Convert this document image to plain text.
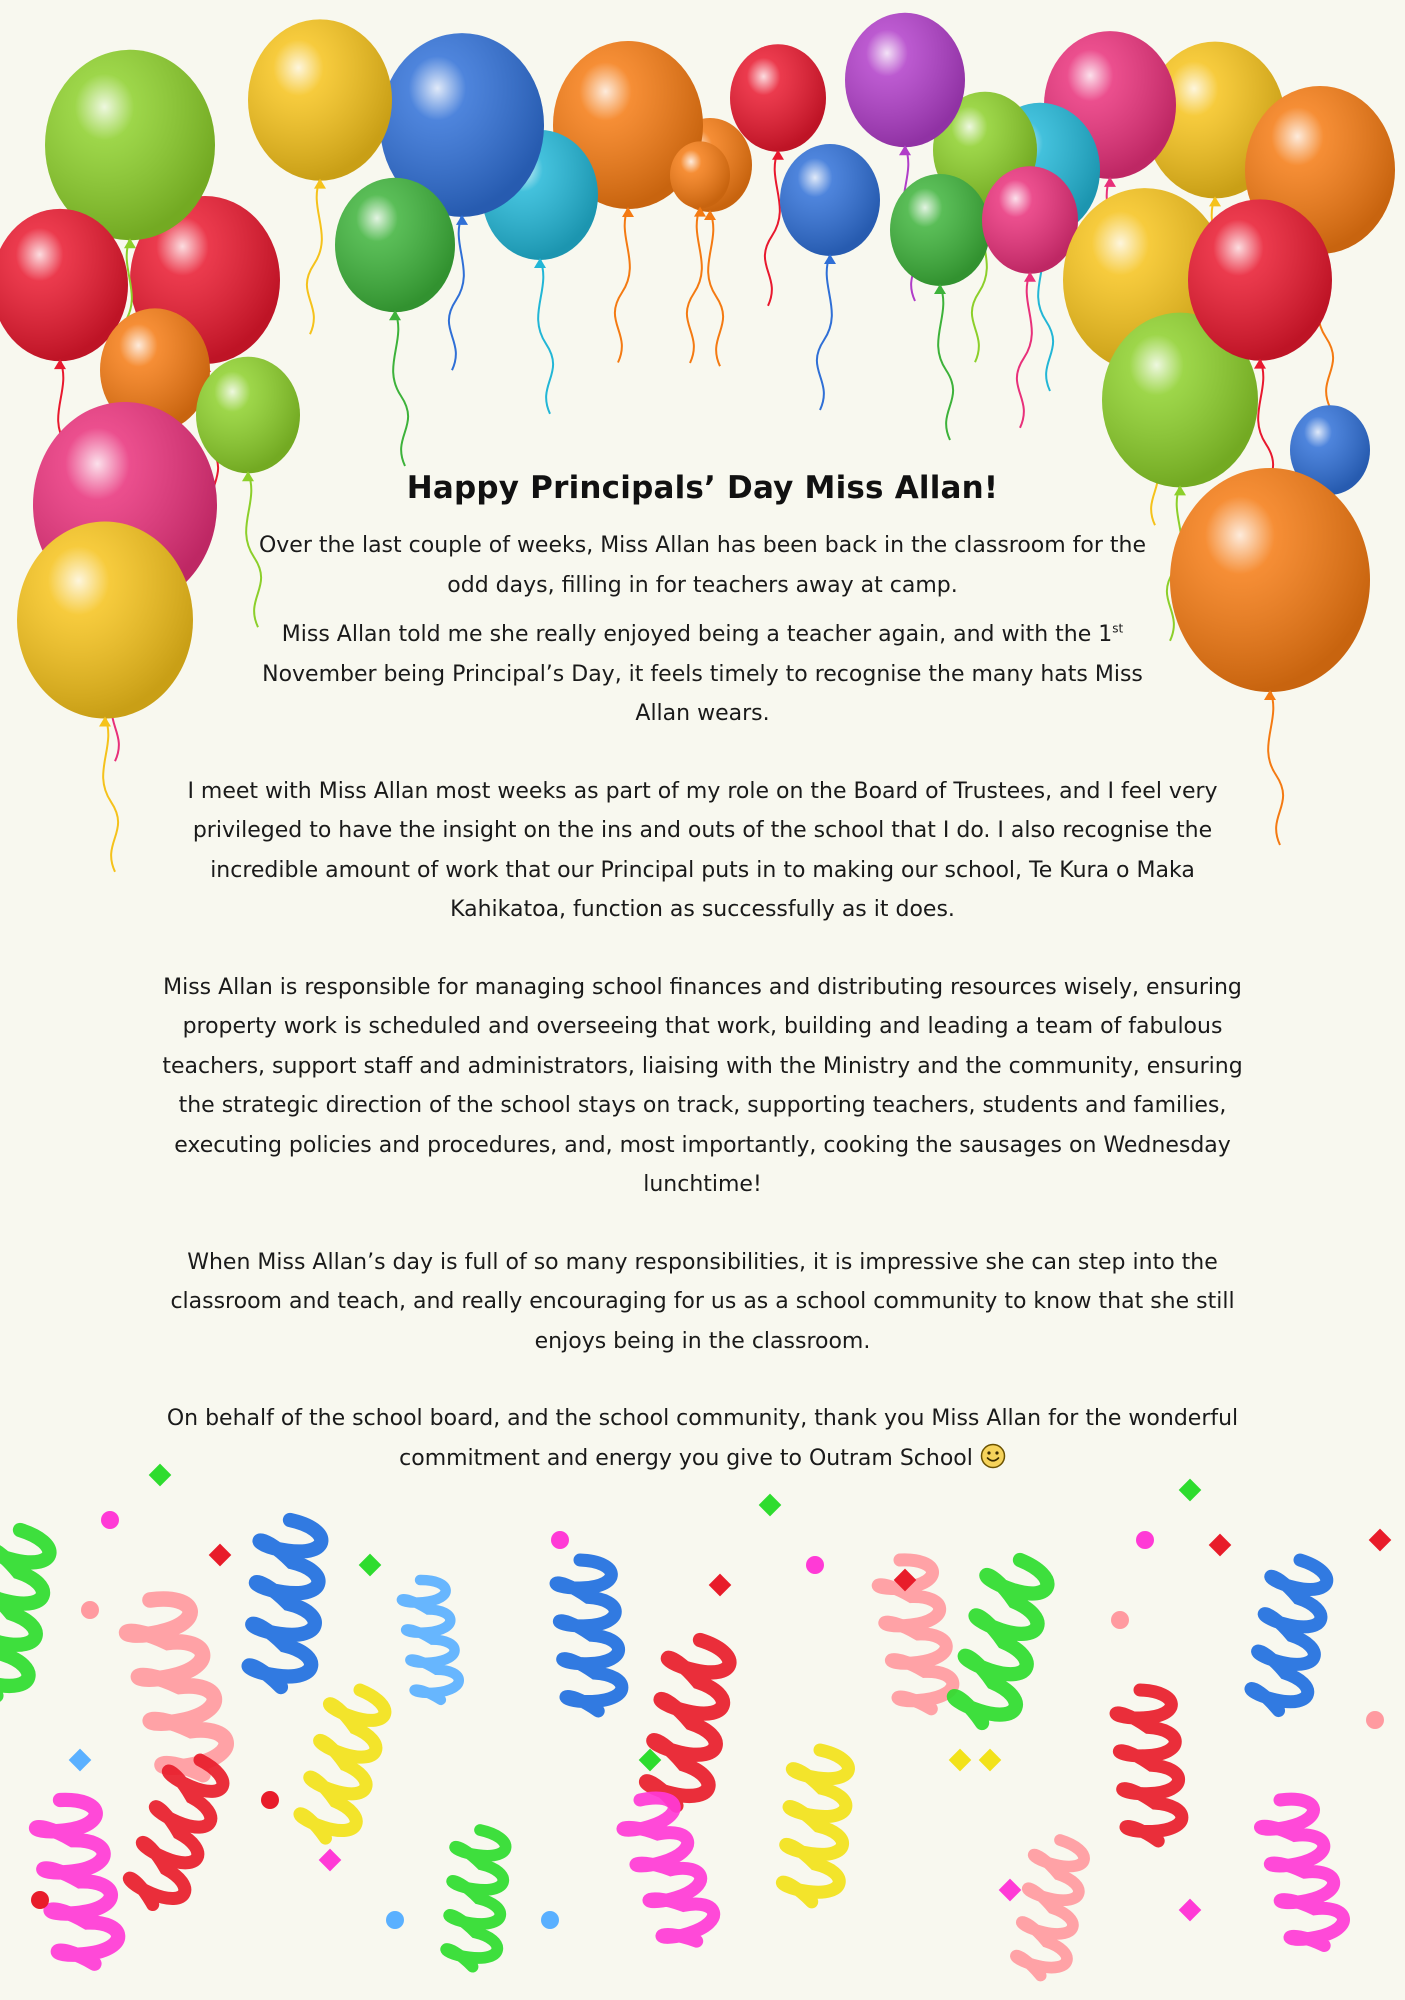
Happy Principals’ Day Miss Allan!

Over the last couple of weeks, Miss Allan has been back in the classroom for the odd days, filling in for teachers away at camp.

Miss Allan told me she really enjoyed being a teacher again, and with the 1st November being Principal’s Day, it feels timely to recognise the many hats Miss Allan wears.

I meet with Miss Allan most weeks as part of my role on the Board of Trustees, and I feel very privileged to have the insight on the ins and outs of the school that I do. I also recognise the incredible amount of work that our Principal puts in to making our school, Te Kura o Maka Kahikatoa, function as successfully as it does.

Miss Allan is responsible for managing school finances and distributing resources wisely, ensuring property work is scheduled and overseeing that work, building and leading a team of fabulous teachers, support staff and administrators, liaising with the Ministry and the community, ensuring the strategic direction of the school stays on track, supporting teachers, students and families, executing policies and procedures, and, most importantly, cooking the sausages on Wednesday lunchtime!

When Miss Allan’s day is full of so many responsibilities, it is impressive she can step into the classroom and teach, and really encouraging for us as a school community to know that she still enjoys being in the classroom.

On behalf of the school board, and the school community, thank you Miss Allan for the wonderful commitment and energy you give to Outram School
